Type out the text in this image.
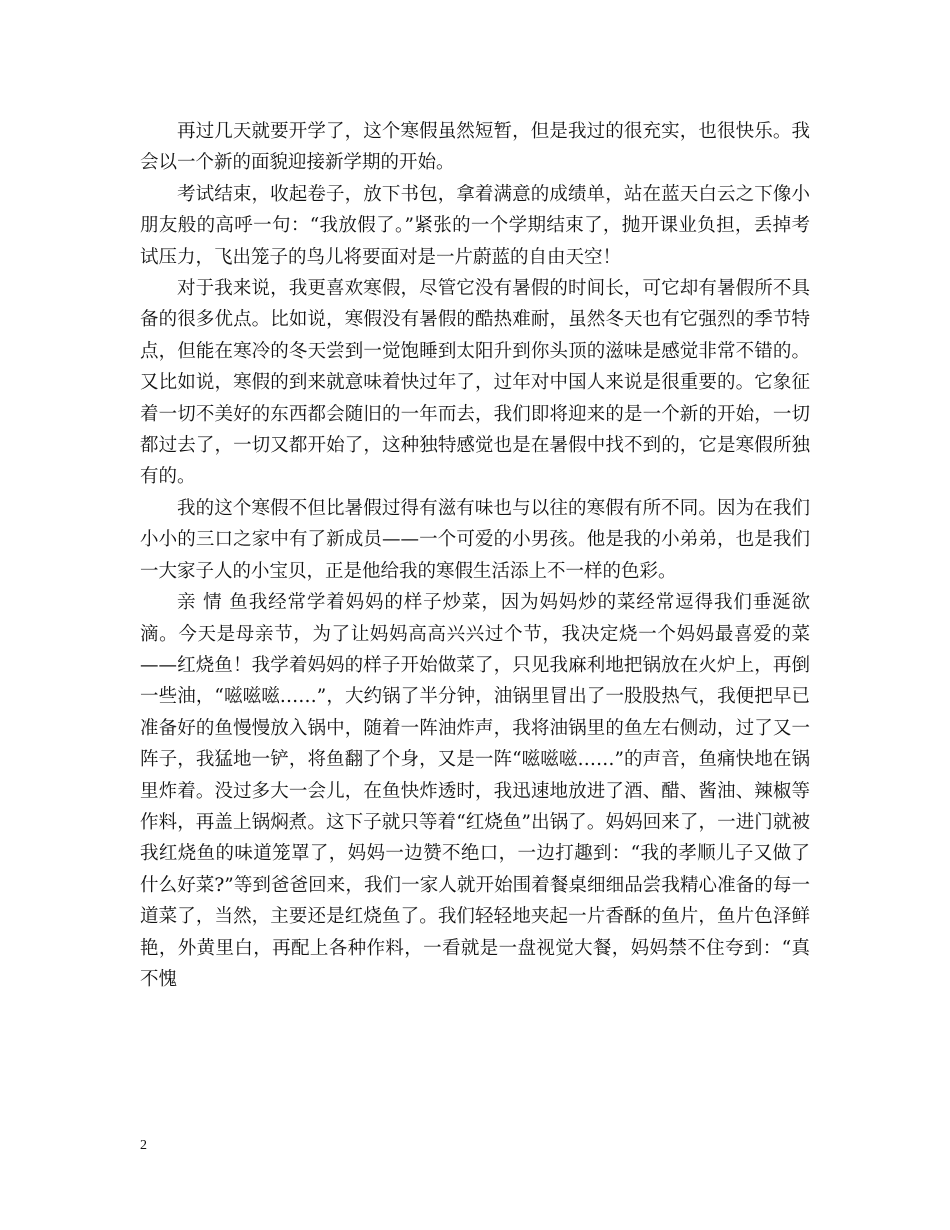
再过几天就要开学了，这个寒假虽然短暂，但是我过的很充实，也很快乐。我会以一个新的面貌迎接新学期的开始。

考试结束，收起卷子，放下书包，拿着满意的成绩单，站在蓝天白云之下像小朋友般的高呼一句：“我放假了。”紧张的一个学期结束了，抛开课业负担，丢掉考试压力，飞出笼子的鸟儿将要面对是一片蔚蓝的自由天空！

对于我来说，我更喜欢寒假，尽管它没有暑假的时间长，可它却有暑假所不具备的很多优点。比如说，寒假没有暑假的酷热难耐，虽然冬天也有它强烈的季节特点，但能在寒冷的冬天尝到一觉饱睡到太阳升到你头顶的滋味是感觉非常不错的。又比如说，寒假的到来就意味着快过年了，过年对中国人来说是很重要的。它象征着一切不美好的东西都会随旧的一年而去，我们即将迎来的是一个新的开始，一切都过去了，一切又都开始了，这种独特感觉也是在暑假中找不到的，它是寒假所独有的。

我的这个寒假不但比暑假过得有滋有味也与以往的寒假有所不同。因为在我们小小的三口之家中有了新成员——一个可爱的小男孩。他是我的小弟弟，也是我们一大家子人的小宝贝，正是他给我的寒假生活添上不一样的色彩。

亲 情 鱼我经常学着妈妈的样子炒菜，因为妈妈炒的菜经常逗得我们垂涎欲滴。今天是母亲节，为了让妈妈高高兴兴过个节，我决定烧一个妈妈最喜爱的菜——红烧鱼！我学着妈妈的样子开始做菜了，只见我麻利地把锅放在火炉上，再倒一些油，“嗞嗞嗞……”，大约锅了半分钟，油锅里冒出了一股股热气，我便把早已准备好的鱼慢慢放入锅中，随着一阵油炸声，我将油锅里的鱼左右侧动，过了又一阵子，我猛地一铲，将鱼翻了个身，又是一阵“嗞嗞嗞……”的声音，鱼痛快地在锅里炸着。没过多大一会儿，在鱼快炸透时，我迅速地放进了酒、醋、酱油、辣椒等作料，再盖上锅焖煮。这下子就只等着“红烧鱼”出锅了。妈妈回来了，一进门就被我红烧鱼的味道笼罩了，妈妈一边赞不绝口，一边打趣到：“我的孝顺儿子又做了什么好菜?”等到爸爸回来，我们一家人就开始围着餐桌细细品尝我精心准备的每一道菜了，当然，主要还是红烧鱼了。我们轻轻地夹起一片香酥的鱼片，鱼片色泽鲜艳，外黄里白，再配上各种作料，一看就是一盘视觉大餐，妈妈禁不住夸到：“真不愧

2
